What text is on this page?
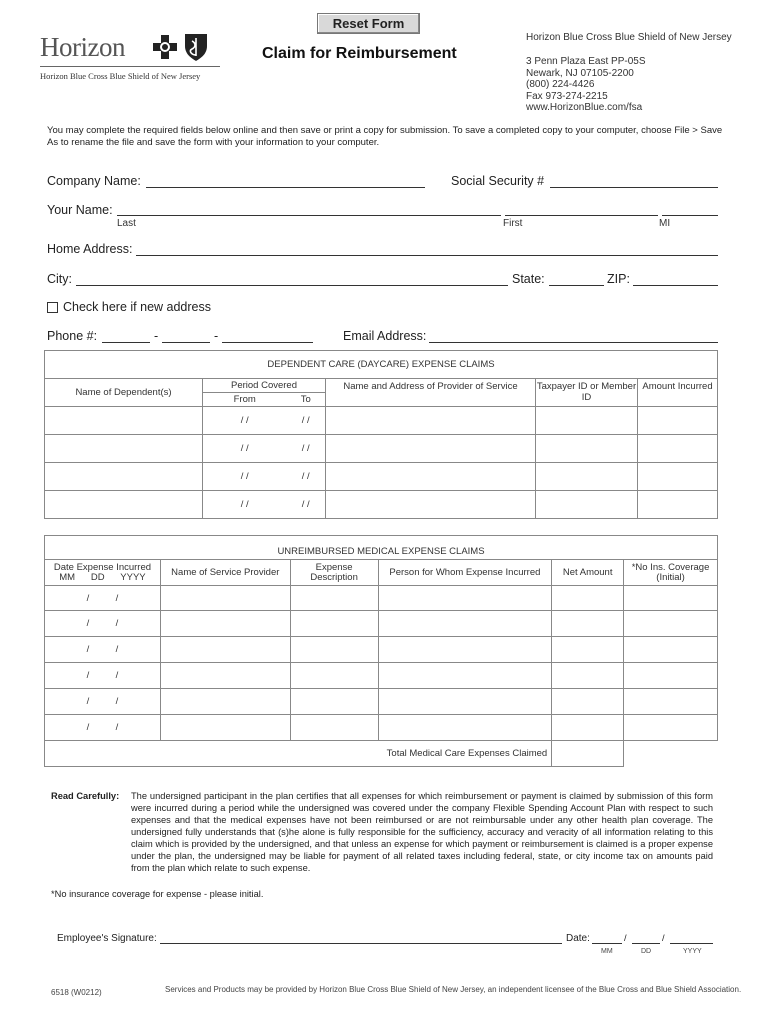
Reset Form
Horizon
Horizon Blue Cross Blue Shield of New Jersey
Claim for Reimbursement
Horizon Blue Cross Blue Shield of New Jersey
3 Penn Plaza East PP-05S
Newark, NJ 07105-2200
(800) 224-4426
Fax 973-274-2215
www.HorizonBlue.com/fsa
You may complete the required fields below online and then save or print a copy for submission. To save a completed copy to your computer, choose File > Save As to rename the file and save the form with your information to your computer.
Company Name:	Social Security #
Your Name:
Last	First	MI
Home Address:
City:	State:	ZIP:
Check here if new address
Phone #:	-	-	Email Address:
DEPENDENT CARE (DAYCARE) EXPENSE CLAIMS					
Name of Dependent(s)	Period Covered		Name and Address of Provider of Service	Taxpayer ID or Member ID	Amount Incurred
	From	To			
	/ /	/ /			
	/ /	/ /			
	/ /	/ /			
	/ /	/ /			
UNREIMBURSED MEDICAL EXPENSE CLAIMS					

Date Expense Incurred
MM      DD      YYYY	Name of Service Provider	Expense Description	Person for Whom Expense Incurred	Net Amount	*No Ins. Coverage (Initial)
/          /					
/          /					
/          /					
/          /					
/          /					
/          /					
Total Medical Care Expenses Claimed					
Read Carefully: The undersigned participant in the plan certifies that all expenses for which reimbursement or payment is claimed by submission of this form were incurred during a period while the undersigned was covered under the company Flexible Spending Account Plan with respect to such expenses and that the medical expenses have not been reimbursed or are not reimbursable under any other health plan coverage. The undersigned fully understands that (s)he alone is fully responsible for the sufficiency, accuracy and veracity of all information relating to this claim which is provided by the undersigned, and that unless an expense for which payment or reimbursement is claimed is a proper expense under the plan, the undersigned may be liable for payment of all related taxes including federal, state, or city income tax on amounts paid from the plan which relate to such expense.
*No insurance coverage for expense - please initial.
Employee's Signature:	Date:	/	/
MM	DD	YYYY
6518 (W0212)	Services and Products may be provided by Horizon Blue Cross Blue Shield of New Jersey, an independent licensee of the Blue Cross and Blue Shield Association.
